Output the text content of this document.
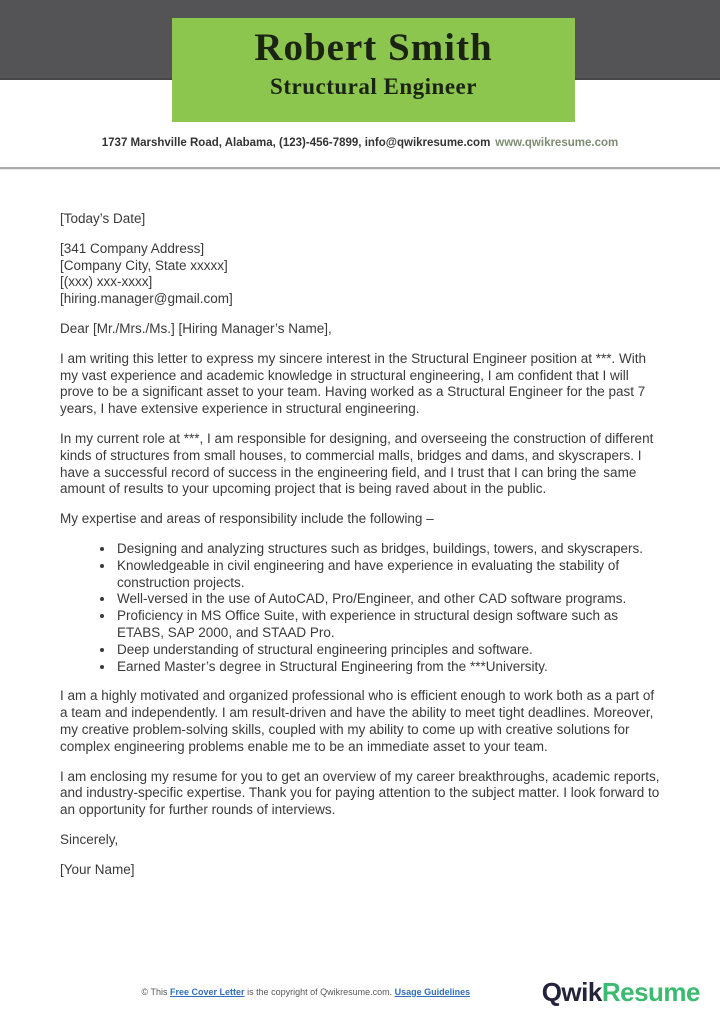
Robert Smith
Structural Engineer
1737 Marshville Road, Alabama, (123)-456-7899, info@qwikresume.com www.qwikresume.com

[Today’s Date]

[341 Company Address]
[Company City, State xxxxx]
[(xxx) xxx-xxxx]
[hiring.manager@gmail.com]

Dear [Mr./Mrs./Ms.] [Hiring Manager’s Name],

I am writing this letter to express my sincere interest in the Structural Engineer position at ***. With my vast experience and academic knowledge in structural engineering, I am confident that I will prove to be a significant asset to your team. Having worked as a Structural Engineer for the past 7 years, I have extensive experience in structural engineering.

In my current role at ***, I am responsible for designing, and overseeing the construction of different kinds of structures from small houses, to commercial malls, bridges and dams, and skyscrapers. I have a successful record of success in the engineering field, and I trust that I can bring the same amount of results to your upcoming project that is being raved about in the public.

My expertise and areas of responsibility include the following –

• Designing and analyzing structures such as bridges, buildings, towers, and skyscrapers.
• Knowledgeable in civil engineering and have experience in evaluating the stability of construction projects.
• Well-versed in the use of AutoCAD, Pro/Engineer, and other CAD software programs.
• Proficiency in MS Office Suite, with experience in structural design software such as ETABS, SAP 2000, and STAAD Pro.
• Deep understanding of structural engineering principles and software.
• Earned Master’s degree in Structural Engineering from the ***University.

I am a highly motivated and organized professional who is efficient enough to work both as a part of a team and independently. I am result-driven and have the ability to meet tight deadlines. Moreover, my creative problem-solving skills, coupled with my ability to come up with creative solutions for complex engineering problems enable me to be an immediate asset to your team.

I am enclosing my resume for you to get an overview of my career breakthroughs, academic reports, and industry-specific expertise. Thank you for paying attention to the subject matter. I look forward to an opportunity for further rounds of interviews.

Sincerely,

[Your Name]

© This Free Cover Letter is the copyright of Qwikresume.com. Usage Guidelines	QwikResume
